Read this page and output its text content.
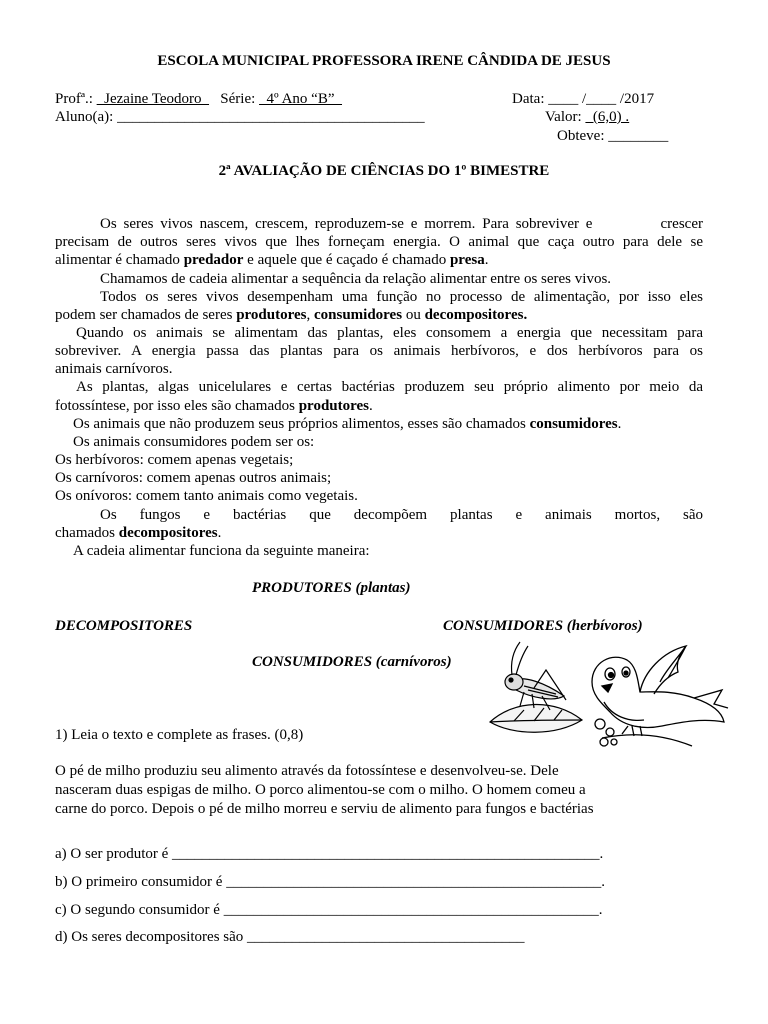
ESCOLA MUNICIPAL PROFESSORA IRENE CÂNDIDA DE JESUS
Profª.:   Jezaine Teodoro     Série:   4º Ano “B”	Data: ____ /____ /2017
Aluno(a): _________________________________________	Valor:   (6,0) .
Obteve: ________
2ª AVALIAÇÃO DE CIÊNCIAS DO 1º BIMESTRE
Os seres vivos nascem, crescem, reproduzem-se e morrem. Para sobreviver e          crescer
precisam de outros seres vivos que lhes forneçam energia. O animal que caça outro para dele se
alimentar é chamado predador e aquele que é caçado é chamado presa.
Chamamos de cadeia alimentar a sequência da relação alimentar entre os seres vivos.
Todos os seres vivos desempenham uma função no processo de alimentação, por isso eles
podem ser chamados de seres produtores, consumidores ou decompositores.
Quando os animais se alimentam das plantas, eles consomem a energia que necessitam para
sobreviver. A energia passa das plantas para os animais herbívoros, e dos herbívoros para os
animais carnívoros.
As plantas, algas unicelulares e certas bactérias produzem seu próprio alimento por meio da
fotossíntese, por isso eles são chamados produtores.
Os animais que não produzem seus próprios alimentos, esses são chamados consumidores.
Os animais consumidores podem ser os:
Os herbívoros: comem apenas vegetais;
Os carnívoros: comem apenas outros animais;
Os onívoros: comem tanto animais como vegetais.
Os fungos e bactérias que decompõem plantas e animais mortos, são
chamados decompositores.
A cadeia alimentar funciona da seguinte maneira:
PRODUTORES (plantas)
DECOMPOSITORES	CONSUMIDORES (herbívoros)
CONSUMIDORES (carnívoros)
1) Leia o texto e complete as frases. (0,8)
O pé de milho produziu seu alimento através da fotossíntese e desenvolveu-se. Dele
nasceram duas espigas de milho. O porco alimentou-se com o milho. O homem comeu a
carne do porco. Depois o pé de milho morreu e serviu de alimento para fungos e bactérias
a) O ser produtor é _________________________________________________________.
b) O primeiro consumidor é __________________________________________________.
c) O segundo consumidor é __________________________________________________.
d) Os seres decompositores são _____________________________________
